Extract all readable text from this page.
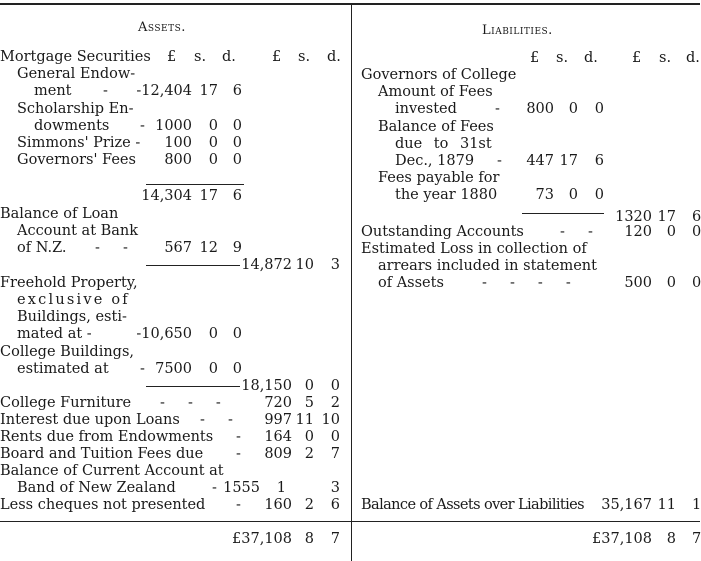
Assets.
Mortgage Securities £ s. d. £ s. d.
General Endow-
ment -	-12,404 17	6
Scholarship En-
dowments - 1000	0	0
Simmons' Prize -	100	0	0
Governors' Fees	800	0	0
14,304 17	6
Balance of Loan
Account at Bank
of N.Z. -     -	567 12	9
14,872 10	3
Freehold Property,
exclusive of
Buildings, esti-
mated at -	-10,650	0	0
College Buildings,
estimated at - 7500	0	0
18,150 0	0
College Furniture -     -     -	720 5	2
Interest due upon Loans -     -	997 11 10
Rents due from Endowments -	164 0	0
Board and Tuition Fees due -	809 2	7
Balance of Current Account at
Band of New Zealand	- 1555	1	3
Less cheques not presented -	160 2	6
£37,108 8	7
Liabilities.
£ s. d. £ s. d.
Governors of College
Amount of Fees
invested	-	800	0	0
Balance of Fees
due to 31st
Dec., 1879 -	447 17	6
Fees payable for
the year 1880	73	0	0
1320 17 6
Outstanding Accounts -     -	120	0 0
Estimated Loss in collection of
arrears included in statement
of Assets	-     -     -     -	500	0 0
Balance of Assets over Liabilities 35,167 11 1
£37,108	8 7
